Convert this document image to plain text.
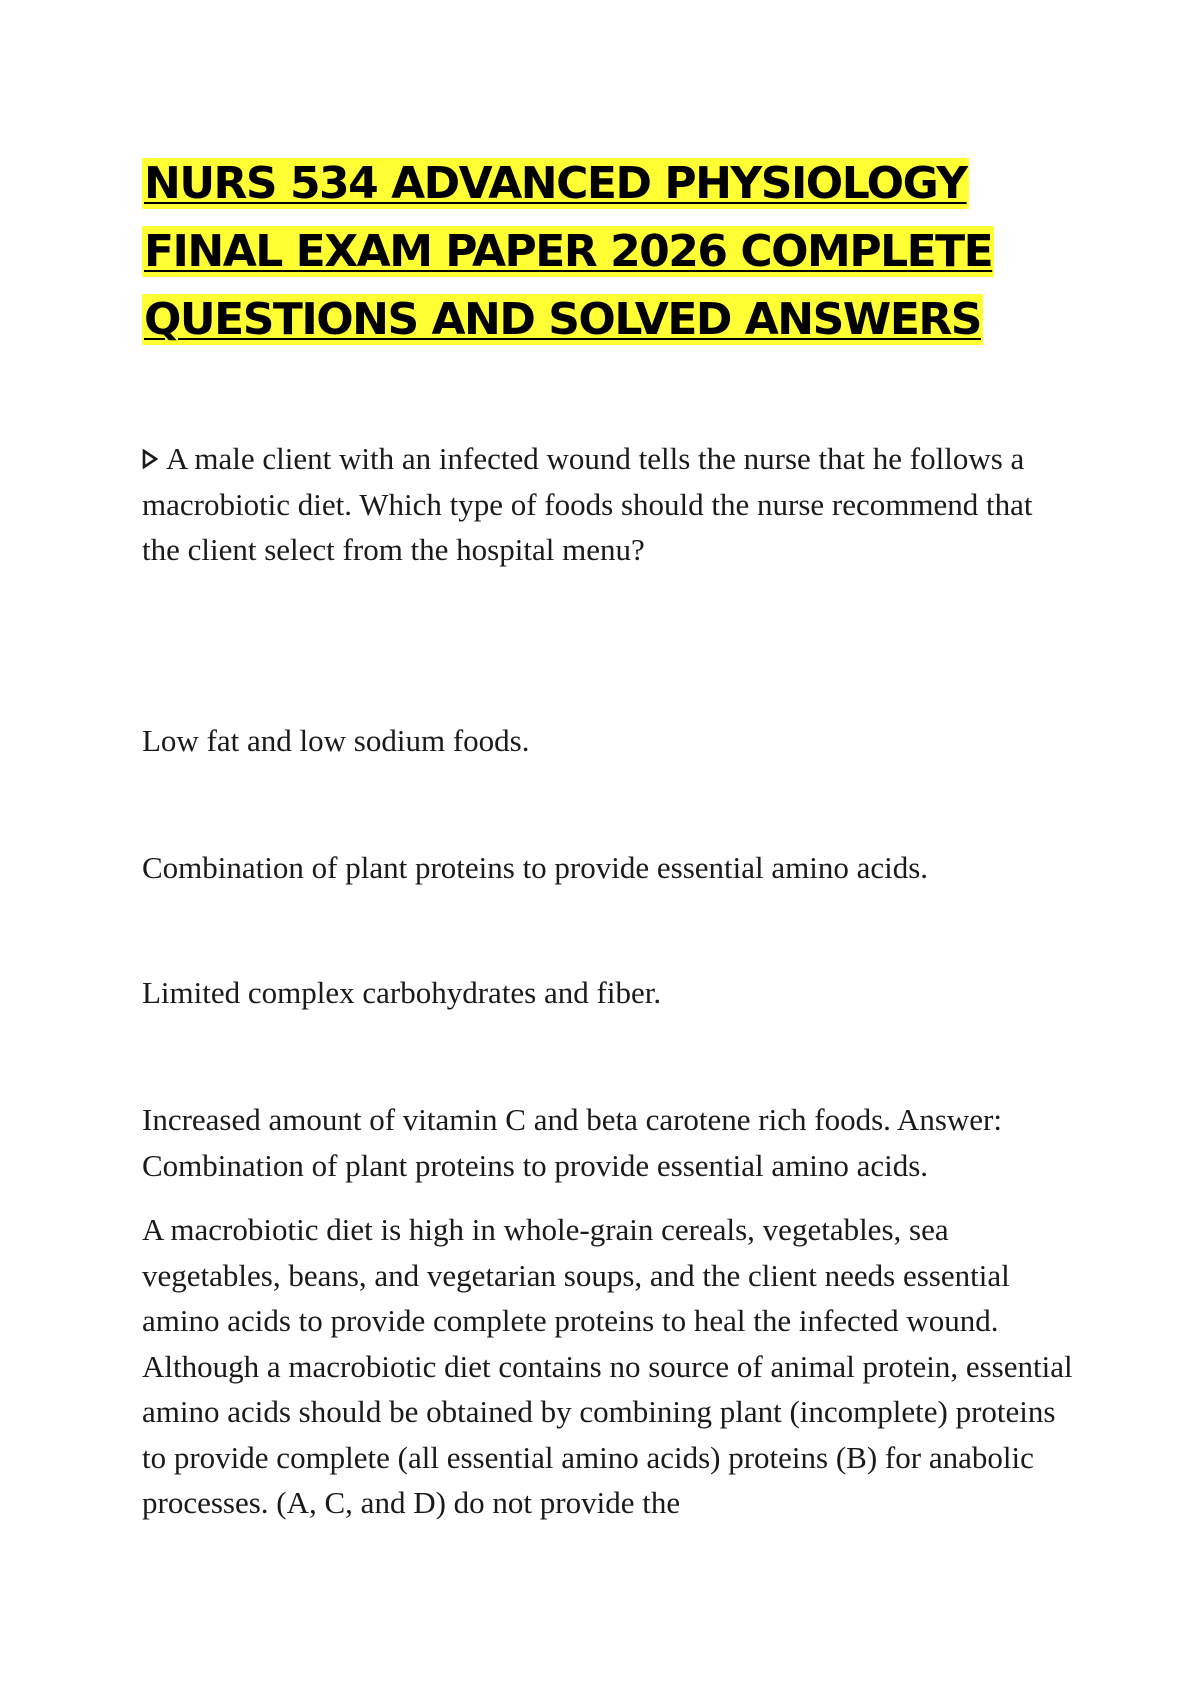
NURS 534 ADVANCED PHYSIOLOGY FINAL EXAM PAPER 2026 COMPLETE QUESTIONS AND SOLVED ANSWERS

A male client with an infected wound tells the nurse that he follows a macrobiotic diet. Which type of foods should the nurse recommend that the client select from the hospital menu?

Low fat and low sodium foods.

Combination of plant proteins to provide essential amino acids.

Limited complex carbohydrates and fiber.

Increased amount of vitamin C and beta carotene rich foods. Answer: Combination of plant proteins to provide essential amino acids.

A macrobiotic diet is high in whole-grain cereals, vegetables, sea vegetables, beans, and vegetarian soups, and the client needs essential amino acids to provide complete proteins to heal the infected wound. Although a macrobiotic diet contains no source of animal protein, essential amino acids should be obtained by combining plant (incomplete) proteins to provide complete (all essential amino acids) proteins (B) for anabolic processes. (A, C, and D) do not provide the
